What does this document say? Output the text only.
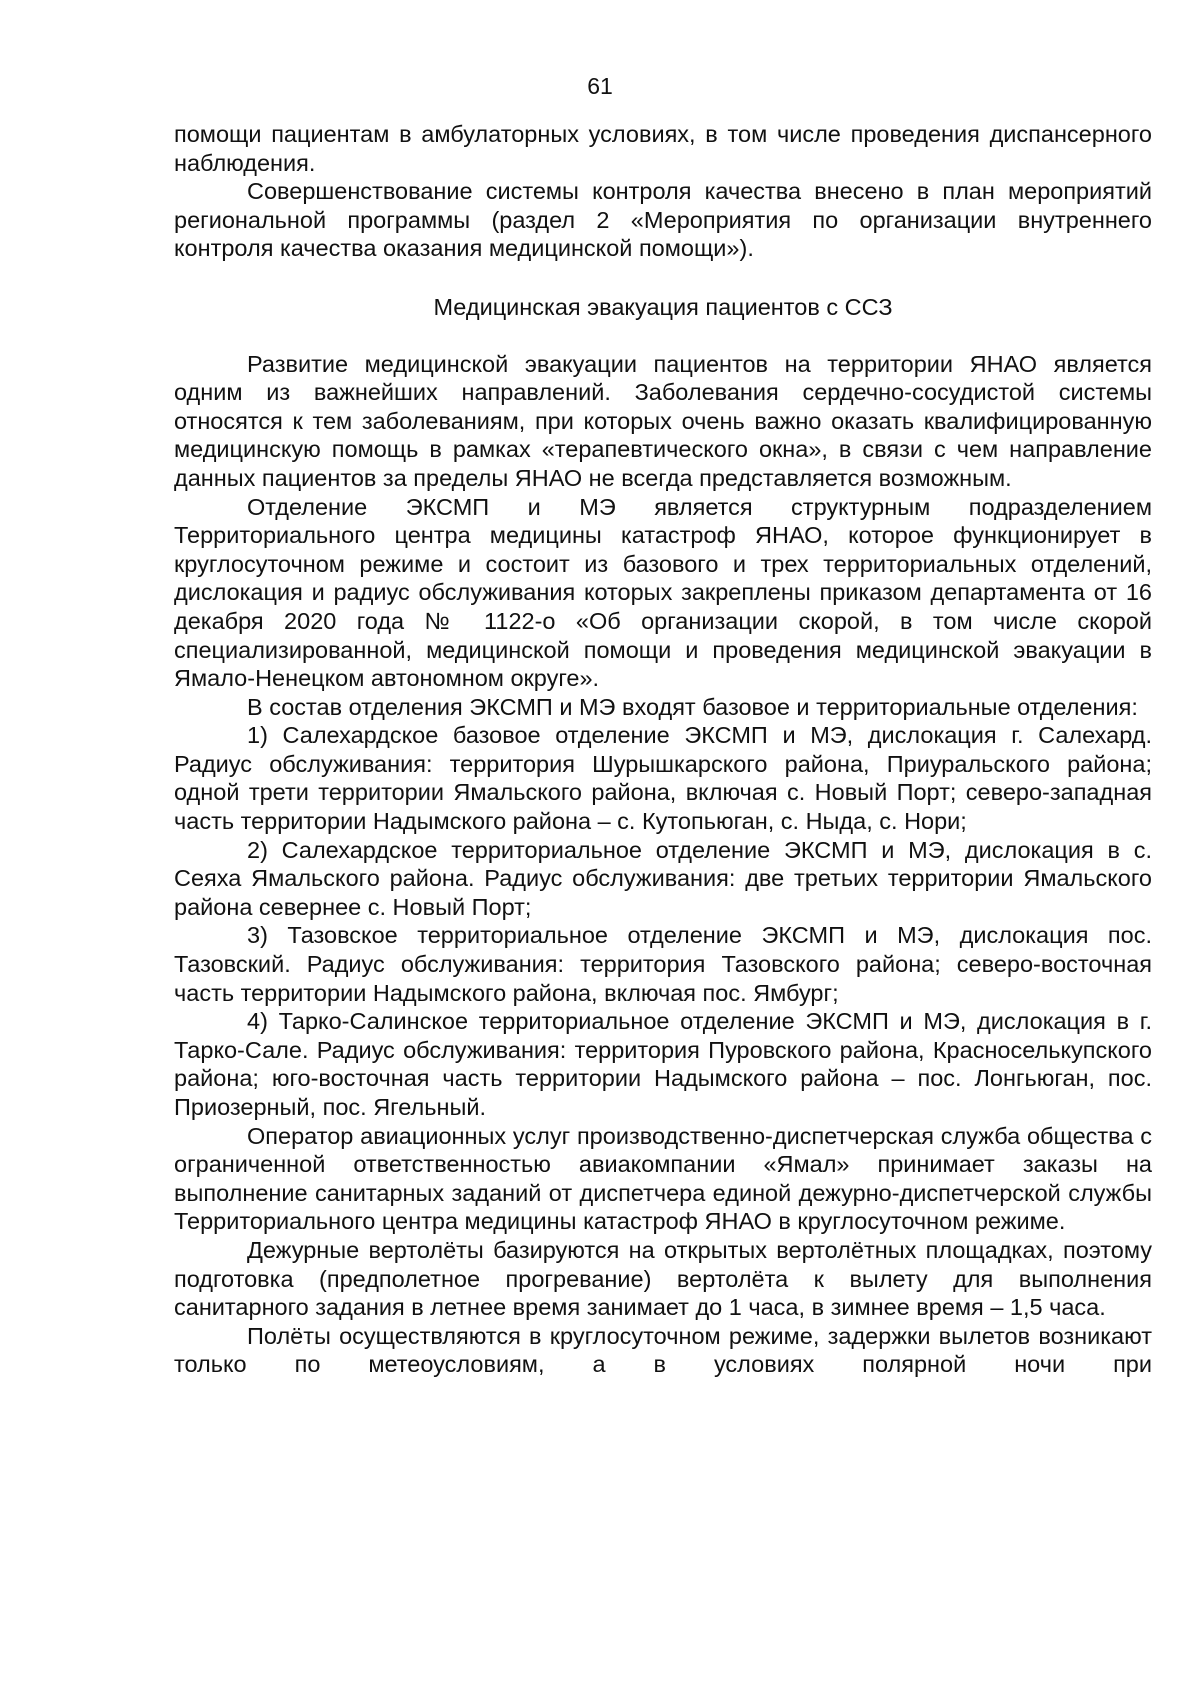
61

помощи пациентам в амбулаторных условиях, в том числе проведения диспансерного наблюдения.

Совершенствование системы контроля качества внесено в план мероприятий региональной программы (раздел 2 «Мероприятия по организации внутреннего контроля качества оказания медицинской помощи»).

Медицинская эвакуация пациентов с ССЗ

Развитие медицинской эвакуации пациентов на территории ЯНАО является одним из важнейших направлений. Заболевания сердечно-сосудистой системы относятся к тем заболеваниям, при которых очень важно оказать квалифицированную медицинскую помощь в рамках «терапевтического окна», в связи с чем направление данных пациентов за пределы ЯНАО не всегда представляется возможным.

Отделение ЭКСМП и МЭ является структурным подразделением Территориального центра медицины катастроф ЯНАО, которое функционирует в круглосуточном режиме и состоит из базового и трех территориальных отделений, дислокация и радиус обслуживания которых закреплены приказом департамента от 16 декабря 2020 года № 1122-о «Об организации скорой, в том числе скорой специализированной, медицинской помощи и проведения медицинской эвакуации в Ямало-Ненецком автономном округе».

В состав отделения ЭКСМП и МЭ входят базовое и территориальные отделения:

1) Салехардское базовое отделение ЭКСМП и МЭ, дислокация г. Салехард. Радиус обслуживания: территория Шурышкарского района, Приуральского района; одной трети территории Ямальского района, включая с. Новый Порт; северо-западная часть территории Надымского района – с. Кутопьюган, с. Ныда, с. Нори;

2) Салехардское территориальное отделение ЭКСМП и МЭ, дислокация в с. Сеяха Ямальского района. Радиус обслуживания: две третьих территории Ямальского района севернее с. Новый Порт;

3) Тазовское территориальное отделение ЭКСМП и МЭ, дислокация пос. Тазовский. Радиус обслуживания: территория Тазовского района; северо-восточная часть территории Надымского района, включая пос. Ямбург;

4) Тарко-Салинское территориальное отделение ЭКСМП и МЭ, дислокация в г. Тарко-Сале. Радиус обслуживания: территория Пуровского района, Красноселькупского района; юго-восточная часть территории Надымского района – пос. Лонгьюган, пос. Приозерный, пос. Ягельный.

Оператор авиационных услуг производственно-диспетчерская служба общества с ограниченной ответственностью авиакомпании «Ямал» принимает заказы на выполнение санитарных заданий от диспетчера единой дежурно-диспетчерской службы Территориального центра медицины катастроф ЯНАО в круглосуточном режиме.

Дежурные вертолёты базируются на открытых вертолётных площадках, поэтому подготовка (предполетное прогревание) вертолёта к вылету для выполнения санитарного задания в летнее время занимает до 1 часа, в зимнее время – 1,5 часа.

Полёты осуществляются в круглосуточном режиме, задержки вылетов возникают только по метеоусловиям, а в условиях полярной ночи при
